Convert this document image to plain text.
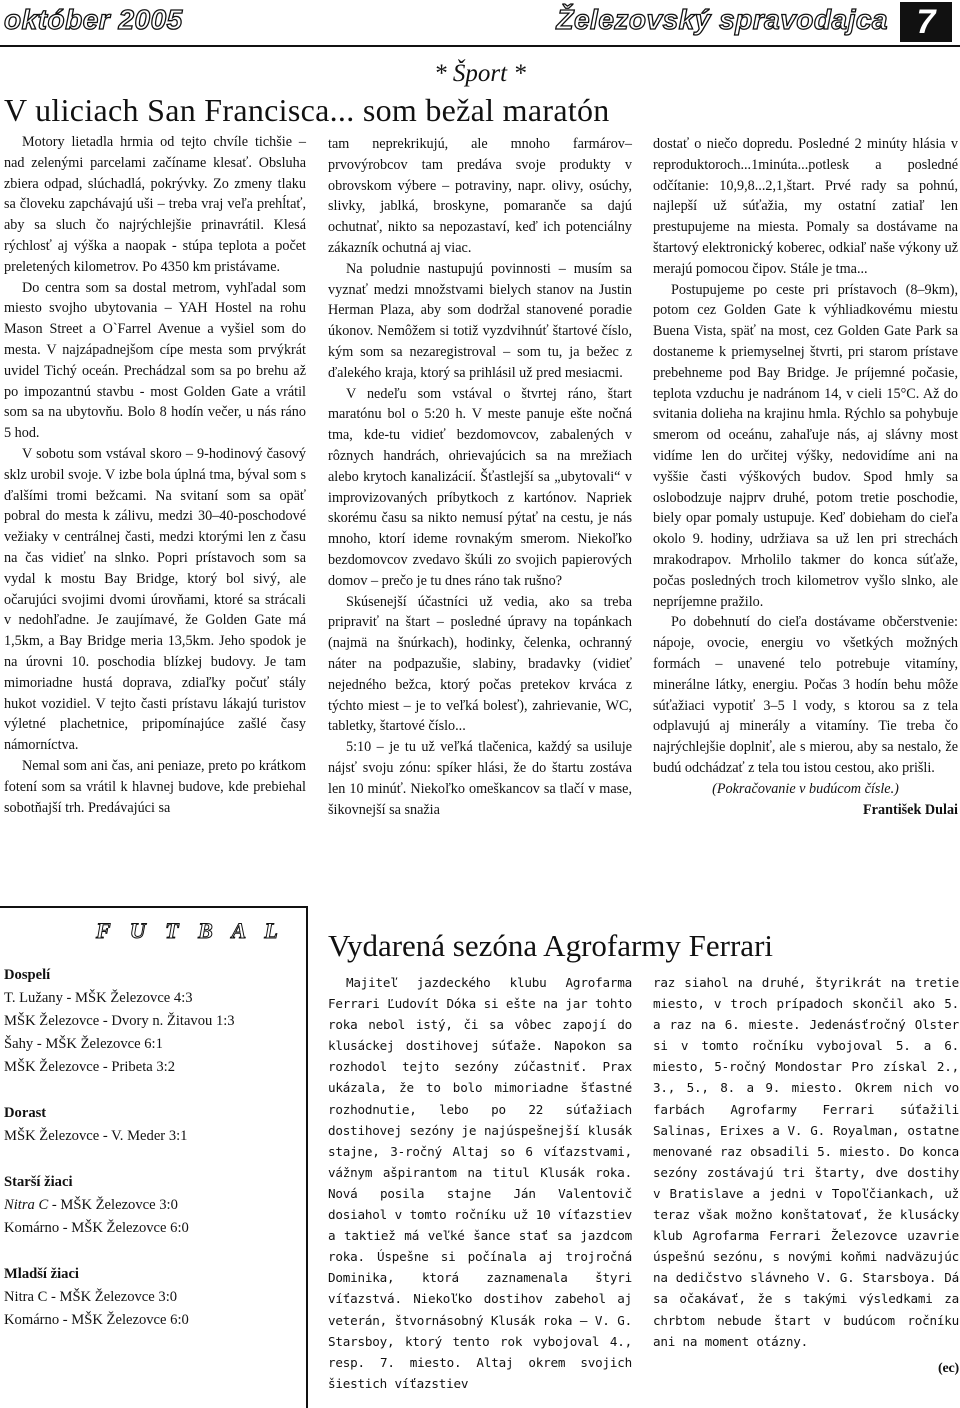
október 2005	Železovský spravodajca 7
* Šport *
V uliciach San Francisca... som bežal maratón

Motory lietadla hrmia od tejto chvíle tichšie – nad zelenými parcelami začíname klesať. Obsluha zbiera odpad, slúchadlá, pokrývky. Zo zmeny tlaku sa človeku zapchávajú uši – treba vraj veľa prehĺtať, aby sa sluch čo najrýchlejšie prinavrátil. Klesá rýchlosť aj výška a naopak - stúpa teplota a počet preletených kilometrov. Po 4350 km pristávame.

Do centra som sa dostal metrom, vyhľadal som miesto svojho ubytovania – YAH Hostel na rohu Mason Street a O`Farrel Avenue a vyšiel som do mesta. V najzápadnejšom cípe mesta som prvýkrát uvidel Tichý oceán. Prechádzal som sa po brehu až po impozantnú stavbu - most Golden Gate a vrátil som sa na ubytovňu. Bolo 8 hodín večer, u nás ráno 5 hod.

V sobotu som vstával skoro – 9-hodinový časový sklz urobil svoje. V izbe bola úplná tma, býval som s ďalšími tromi bežcami. Na svitaní som sa opäť pobral do mesta k zálivu, medzi 30–40-poschodové vežiaky v centrálnej časti, medzi ktorými len z času na čas vidieť na slnko. Popri prístavoch som sa vydal k mostu Bay Bridge, ktorý bol sivý, ale očarujúci svojimi dvomi úrovňami, ktoré sa strácali v nedohľadne. Je zaujímavé, že Golden Gate má 1,5km, a Bay Bridge meria 13,5km. Jeho spodok je na úrovni 10. poschodia blízkej budovy. Je tam mimoriadne hustá doprava, zdiaľky počuť stály hukot vozidiel. V tejto časti prístavu lákajú turistov výletné plachetnice, pripomínajúce zašlé časy námorníctva.

Nemal som ani čas, ani peniaze, preto po krátkom fotení som sa vrátil k hlavnej budove, kde prebiehal sobotňajší trh. Predávajúci sa

tam neprekrikujú, ale mnoho farmárov–prvovýrobcov tam predáva svoje produkty v obrovskom výbere – potraviny, napr. olivy, osúchy, slivky, jablká, broskyne, pomaranče sa dajú ochutnať, nikto sa nepozastaví, keď ich potenciálny zákazník ochutná aj viac.

Na poludnie nastupujú povinnosti – musím sa vyznať medzi množstvami bielych stanov na Justin Herman Plaza, aby som dodržal stanovené poradie úkonov. Nemôžem si totiž vyzdvihnúť štartové číslo, kým som sa nezaregistroval – som tu, ja bežec z ďalekého kraja, ktorý sa prihlásil už pred mesiacmi.

V nedeľu som vstával o štvrtej ráno, štart maratónu bol o 5:20 h. V meste panuje ešte nočná tma, kde-tu vidieť bezdomovcov, zabalených v rôznych handrách, ohrievajúcich sa na mrežiach alebo krytoch kanalizácií. Šťastlejší sa „ubytovali“ v improvizovaných príbytkoch z kartónov. Napriek skorému času sa nikto nemusí pýtať na cestu, je nás mnoho, ktorí ideme rovnakým smerom. Niekoľko bezdomovcov zvedavo škúli zo svojich papierových domov – prečo je tu dnes ráno tak rušno?

Skúsenejší účastníci už vedia, ako sa treba pripraviť na štart – posledné úpravy na topánkach (najmä na šnúrkach), hodinky, čelenka, ochranný náter na podpazušie, slabiny, bradavky (vidieť nejedného bežca, ktorý počas pretekov krváca z týchto miest – je to veľká bolesť), zahrievanie, WC, tabletky, štartové číslo...

5:10 – je tu už veľká tlačenica, každý sa usiluje nájsť svoju zónu: spíker hlási, že do štartu zostáva len 10 minúť. Niekoľko omeškancov sa tlačí v mase, šikovnejší sa snažia

dostať o niečo dopredu. Posledné 2 minúty hlásia v reproduktoroch...1minúta...potlesk a posledné odčítanie: 10,9,8...2,1,štart. Prvé rady sa pohnú, najlepší už súťažia, my ostatní zatiaľ len prestupujeme na miesta. Pomaly sa dostávame na štartový elektronický koberec, odkiaľ naše výkony už merajú pomocou čipov. Stále je tma...

Postupujeme po ceste pri prístavoch (8–9km), potom cez Golden Gate k výhliadkovému miestu Buena Vista, späť na most, cez Golden Gate Park sa dostaneme k priemyselnej štvrti, pri starom prístave prebehneme pod Bay Bridge. Je príjemné počasie, teplota vzduchu je nadránom 14, v cieli 15°C. Až do svitania dolieha na krajinu hmla. Rýchlo sa pohybuje smerom od oceánu, zahaľuje nás, aj slávny most vidíme len do určitej výšky, nedovidíme ani na vyššie časti výškových budov. Spod hmly sa oslobodzuje najprv druhé, potom tretie poschodie, biely opar pomaly ustupuje. Keď dobieham do cieľa okolo 9. hodiny, udržiava sa už len pri strechách mrakodrapov. Mrholilo takmer do konca súťaže, počas posledných troch kilometrov vyšlo slnko, ale nepríjemne pražilo.

Po dobehnutí do cieľa dostávame občerstvenie: nápoje, ovocie, energiu vo všetkých možných formách – unavené telo potrebuje vitamíny, minerálne látky, energiu. Počas 3 hodín behu môže súťažiaci vypotiť 3–5 l vody, s ktorou sa z tela odplavujú aj minerály a vitamíny. Tie treba čo najrýchlejšie doplniť, ale s mierou, aby sa nestalo, že budú odchádzať z tela tou istou cestou, ako prišli.

(Pokračovanie v budúcom čísle.)

František Dulai

F U T B A L
Dospelí
T. Lužany - MŠK Železovce 4:3
MŠK Železovce - Dvory n. Žitavou 1:3
Šahy - MŠK Železovce 6:1
MŠK Železovce - Pribeta 3:2
Dorast
MŠK Železovce - V. Meder 3:1
Starší žiaci
Nitra C - MŠK Železovce 3:0
Komárno - MŠK Železovce 6:0
Mladší žiaci
Nitra C - MŠK Železovce 3:0
Komárno - MŠK Železovce 6:0
Vydarená sezóna Agrofarmy Ferrari

Majiteľ jazdeckého klubu Agrofarma Ferrari Ľudovít Dóka si ešte na jar tohto roka nebol istý, či sa vôbec zapojí do klusáckej dostihovej súťaže. Napokon sa rozhodol tejto sezóny zúčastniť. Prax ukázala, že to bolo mimoriadne šťastné rozhodnutie, lebo po 22 súťažiach dostihovej sezóny je najúspešnejší klusák stajne, 3-ročný Altaj so 6 víťazstvami, vážnym ašpirantom na titul Klusák roka. Nová posila stajne Ján Valentovič dosiahol v tomto ročníku už 10 víťazstiev a taktiež má veľké šance stať sa jazdcom roka. Úspešne si počínala aj trojročná Dominika, ktorá zaznamenala štyri víťazstvá. Niekoľko dostihov zabehol aj veterán, štvornásobný Klusák roka – V. G. Starsboy, ktorý tento rok vybojoval 4., resp. 7. miesto. Altaj okrem svojich šiestich víťazstiev

raz siahol na druhé, štyrikrát na tretie miesto, v troch prípadoch skončil ako 5. a raz na 6. mieste. Jedenásťročný Olster si v tomto ročníku vybojoval 5. a 6. miesto, 5-ročný Mondostar Pro získal 2., 3., 5., 8. a 9. miesto. Okrem nich vo farbách Agrofarmy Ferrari súťažili Salinas, Erixes a V. G. Royalman, ostatne menované raz obsadili 5. miesto. Do konca sezóny zostávajú tri štarty, dve dostihy v Bratislave a jedni v Topoľčiankach, už teraz však možno konštatovať, že klusácky klub Agrofarma Ferrari Železovce uzavrie úspešnú sezónu, s novými koňmi nadväzujúc na dedičstvo slávneho V. G. Starsboya. Dá sa očakávať, že s takými výsledkami za chrbtom nebude štart v budúcom ročníku ani na moment otázny.

(ec)
